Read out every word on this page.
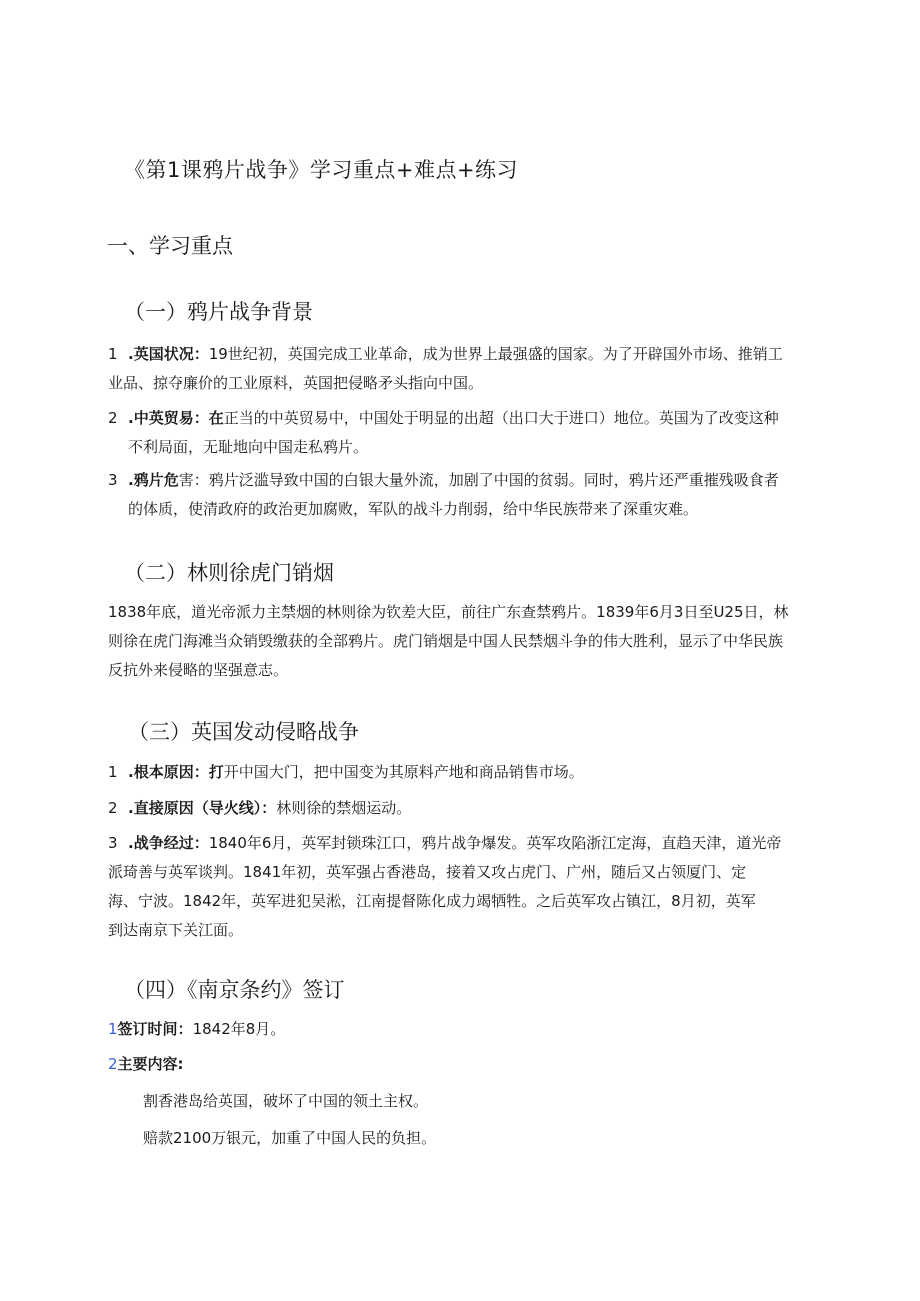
《第1课鸦片战争》学习重点+难点+练习
一、学习重点
（一）鸦片战争背景
1 .英国状况：19世纪初，英国完成工业革命，成为世界上最强盛的国家。为了开辟国外市场、推销工
业品、掠夺廉价的工业原料，英国把侵略矛头指向中国。
2 .中英贸易：在正当的中英贸易中，中国处于明显的出超（出口大于进口）地位。英国为了改变这种
不利局面，无耻地向中国走私鸦片。
3 .鸦片危害：鸦片泛滥导致中国的白银大量外流，加剧了中国的贫弱。同时，鸦片还严重摧残吸食者
的体质，使清政府的政治更加腐败，军队的战斗力削弱，给中华民族带来了深重灾难。
（二）林则徐虎门销烟
1838年底，道光帝派力主禁烟的林则徐为钦差大臣，前往广东查禁鸦片。1839年6月3日至U25日，林
则徐在虎门海滩当众销毁缴获的全部鸦片。虎门销烟是中国人民禁烟斗争的伟大胜利，显示了中华民族
反抗外来侵略的坚强意志。
（三）英国发动侵略战争
1 .根本原因：打开中国大门，把中国变为其原料产地和商品销售市场。
2 .直接原因（导火线）：林则徐的禁烟运动。
3 .战争经过：1840年6月，英军封锁珠江口，鸦片战争爆发。英军攻陷浙江定海，直趋天津，道光帝
派琦善与英军谈判。1841年初，英军强占香港岛，接着又攻占虎门、广州，随后又占领厦门、定
海、宁波。1842年，英军进犯吴淞，江南提督陈化成力竭牺牲。之后英军攻占镇江，8月初，英军
到达南京下关江面。
（四）《南京条约》签订
1签订时间：1842年8月。
2主要内容:
割香港岛给英国，破坏了中国的领土主权。
赔款2100万银元，加重了中国人民的负担。
